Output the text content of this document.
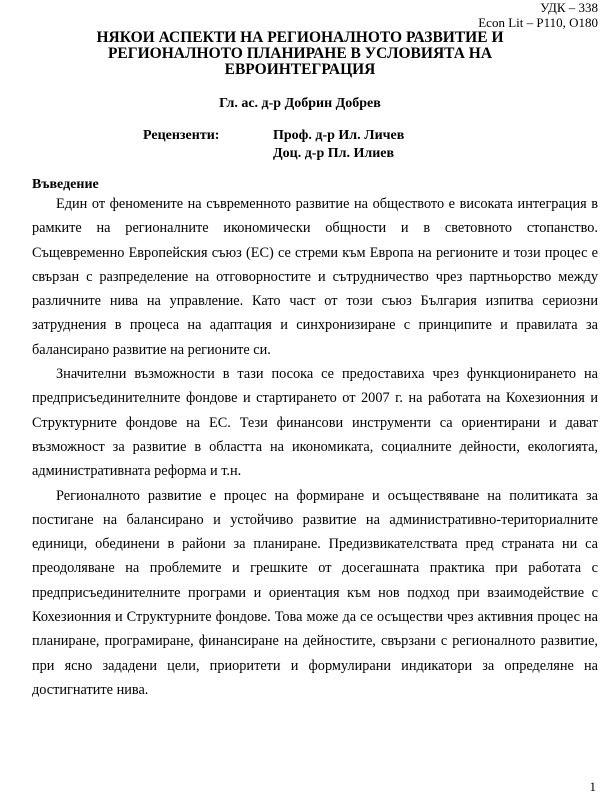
УДК – 338
Econ Lit – P110, O180
НЯКОИ АСПЕКТИ НА РЕГИОНАЛНОТО РАЗВИТИЕ И
РЕГИОНАЛНОТО ПЛАНИРАНЕ В УСЛОВИЯТА НА
ЕВРОИНТЕГРАЦИЯ
Гл. ас. д-р Добрин Добрев
Рецензенти:	Проф. д-р Ил. Личев
Доц. д-р Пл. Илиев
Въведение

Един от феномените на съвременното развитие на обществото е високата интеграция в рамките на регионалните икономически общности и в световното стопанство. Същевременно Европейския съюз (ЕС) се стреми към Европа на регионите и този процес е свързан с разпределение на отговорностите и сътрудничество чрез партньорство между различните нива на управление. Като част от този съюз България изпитва сериозни затруднения в процеса на адаптация и синхронизиране с принципите и правилата за балансирано развитие на регионите си.

Значителни възможности в тази посока се предоставиха чрез функционирането на предприсъединителните фондове и стартирането от 2007 г. на работата на Кохезионния и Структурните фондове на ЕС. Тези финансови инструменти са ориентирани и дават възможност за развитие в областта на икономиката, социалните дейности, екологията, административната реформа и т.н.

Регионалното развитие е процес на формиране и осъществяване на политиката за постигане на балансирано и устойчиво развитие на административно-териториалните единици, обединени в райони за планиране. Предизвикателствата пред страната ни са преодоляване на проблемите и грешките от досегашната практика при работата с предприсъединителните програми и ориентация към нов подход при взаимодействие с Кохезионния и Структурните фондове. Това може да се осъществи чрез активния процес на планиране, програмиране, финансиране на дейностите, свързани с регионалното развитие, при ясно зададени цели, приоритети и формулирани индикатори за определяне на достигнатите нива.

1
